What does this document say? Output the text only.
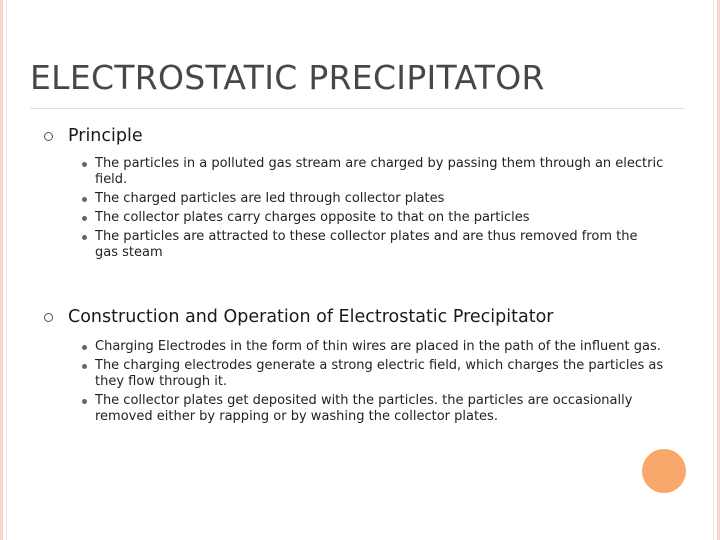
ELECTROSTATIC PRECIPITATOR
Principle
The particles in a polluted gas stream are charged by passing them through an electric field.
The charged particles are led through collector plates
The collector plates carry charges opposite to that on the particles
The particles are attracted to these collector plates and are thus removed from the gas steam
Construction and Operation of Electrostatic Precipitator
Charging Electrodes in the form of thin wires are placed in the path of the influent gas.
The charging electrodes generate a strong electric field, which charges the particles as they flow through it.
The collector plates get deposited with the particles. the particles are occasionally removed either by rapping or by washing the collector plates.
